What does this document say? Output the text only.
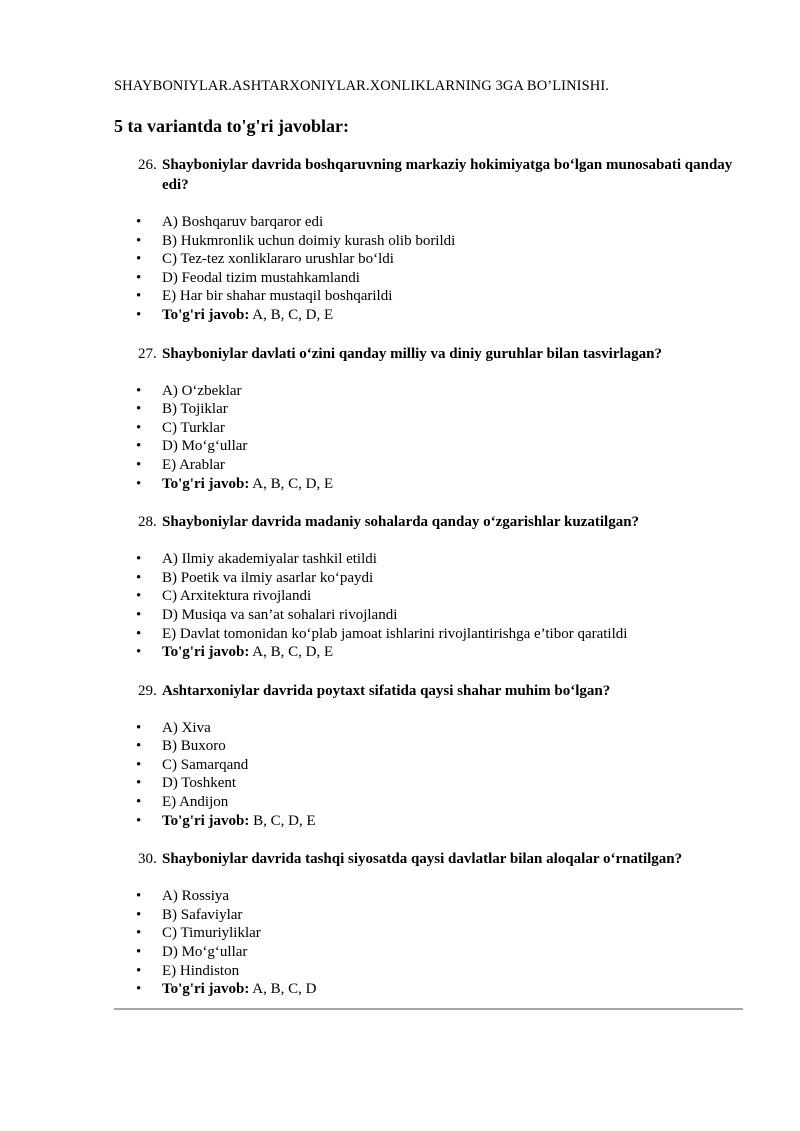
SHAYBONIYLAR.ASHTARXONIYLAR.XONLIKLARNING 3GA BO’LINISHI.

5 ta variantda to'g'ri javoblar:
26. Shayboniylar davrida boshqaruvning markaziy hokimiyatga bo‘lgan munosabati qanday edi?
• A) Boshqaruv barqaror edi
• B) Hukmronlik uchun doimiy kurash olib borildi
• C) Tez-tez xonliklararo urushlar bo‘ldi
• D) Feodal tizim mustahkamlandi
• E) Har bir shahar mustaqil boshqarildi
• To'g'ri javob: A, B, C, D, E
27. Shayboniylar davlati o‘zini qanday milliy va diniy guruhlar bilan tasvirlagan?
• A) O‘zbeklar
• B) Tojiklar
• C) Turklar
• D) Mo‘g‘ullar
• E) Arablar
• To'g'ri javob: A, B, C, D, E
28. Shayboniylar davrida madaniy sohalarda qanday o‘zgarishlar kuzatilgan?
• A) Ilmiy akademiyalar tashkil etildi
• B) Poetik va ilmiy asarlar ko‘paydi
• C) Arxitektura rivojlandi
• D) Musiqa va san’at sohalari rivojlandi
• E) Davlat tomonidan ko‘plab jamoat ishlarini rivojlantirishga e’tibor qaratildi
• To'g'ri javob: A, B, C, D, E
29. Ashtarxoniylar davrida poytaxt sifatida qaysi shahar muhim bo‘lgan?
• A) Xiva
• B) Buxoro
• C) Samarqand
• D) Toshkent
• E) Andijon
• To'g'ri javob: B, C, D, E
30. Shayboniylar davrida tashqi siyosatda qaysi davlatlar bilan aloqalar o‘rnatilgan?
• A) Rossiya
• B) Safaviylar
• C) Timuriyliklar
• D) Mo‘g‘ullar
• E) Hindiston
• To'g'ri javob: A, B, C, D
